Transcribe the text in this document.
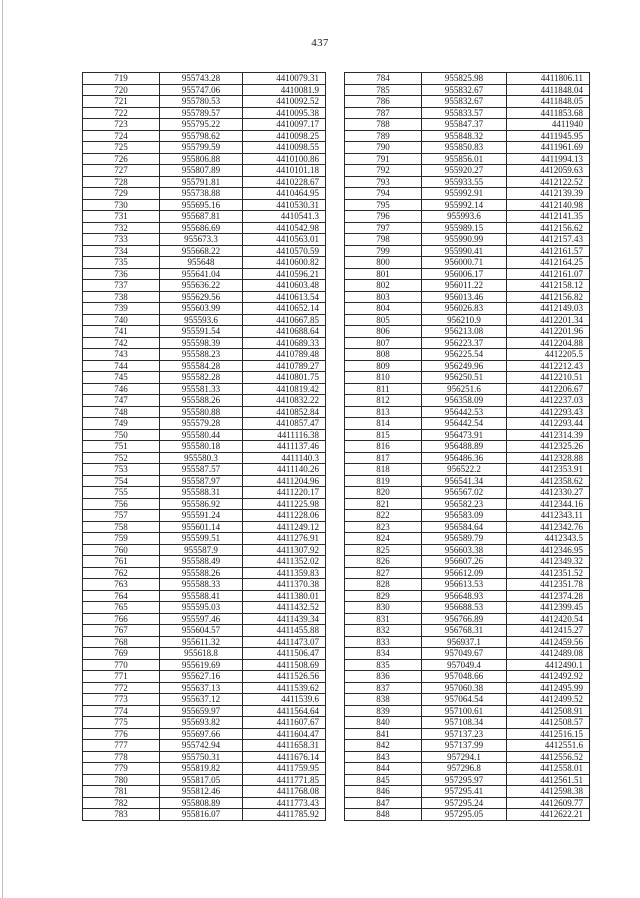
437
719	955743.28	4410079.31
720	955747.06	4410081.9
721	955780.53	4410092.52
722	955789.57	4410095.38
723	955795.22	4410097.17
724	955798.62	4410098.25
725	955799.59	4410098.55
726	955806.88	4410100.86
727	955807.89	4410101.18
728	955791.81	4410228.67
729	955738.88	4410464.95
730	955695.16	4410530.31
731	955687.81	4410541.3
732	955686.69	4410542.98
733	955673.3	4410563.01
734	955668.22	4410570.59
735	955648	4410600.82
736	955641.04	4410596.21
737	955636.22	4410603.48
738	955629.56	4410613.54
739	955603.99	4410652.14
740	955593.6	4410667.85
741	955591.54	4410688.64
742	955598.39	4410689.33
743	955588.23	4410789.48
744	955584.28	4410789.27
745	955582.28	4410801.75
746	955581.33	4410819.42
747	955588.26	4410832.22
748	955580.88	4410852.84
749	955579.28	4410857.47
750	955580.44	4411116.38
751	955580.18	4411137.46
752	955580.3	4411140.3
753	955587.57	4411140.26
754	955587.97	4411204.96
755	955588.31	4411220.17
756	955586.92	4411225.98
757	955591.24	4411228.06
758	955601.14	4411249.12
759	955599.51	4411276.91
760	955587.9	4411307.92
761	955588.49	4411352.02
762	955588.26	4411359.83
763	955588.33	4411370.38
764	955588.41	4411380.01
765	955595.03	4411432.52
766	955597.46	4411439.34
767	955604.57	4411455.88
768	955611.32	4411473.07
769	955618.8	4411506.47
770	955619.69	4411508.69
771	955627.16	4411526.56
772	955637.13	4411539.62
773	955637.12	4411539.6
774	955659.97	4411564.64
775	955693.82	4411607.67
776	955697.66	4411604.47
777	955742.94	4411658.31
778	955750.31	4411676.14
779	955819.82	4411759.95
780	955817.05	4411771.85
781	955812.46	4411768.08
782	955808.89	4411773.43
783	955816.07	4411785.92
784	955825.98	4411806.11
785	955832.67	4411848.04
786	955832.67	4411848.05
787	955833.57	4411853.68
788	955847.37	4411940
789	955848.32	4411945.95
790	955850.83	4411961.69
791	955856.01	4411994.13
792	955920.27	4412059.63
793	955933.55	4412122.52
794	955992.91	4412139.39
795	955992.14	4412140.98
796	955993.6	4412141.35
797	955989.15	4412156.62
798	955990.99	4412157.43
799	955990.41	4412161.57
800	956000.71	4412164.25
801	956006.17	4412161.07
802	956011.22	4412158.12
803	956013.46	4412156.82
804	956026.83	4412149.03
805	956210.9	4412201.34
806	956213.08	4412201.96
807	956223.37	4412204.88
808	956225.54	4412205.5
809	956249.96	4412212.43
810	956250.51	4412210.51
811	956251.6	4412206.67
812	956358.09	4412237.03
813	956442.53	4412293.43
814	956442.54	4412293.44
815	956473.91	4412314.39
816	956488.89	4412325.26
817	956486.36	4412328.88
818	956522.2	4412353.91
819	956541.34	4412358.62
820	956567.02	4412330.27
821	956582.23	4412344.16
822	956583.09	4412343.11
823	956584.64	4412342.76
824	956589.79	4412343.5
825	956603.38	4412346.95
826	956607.26	4412349.32
827	956612.09	4412351.52
828	956613.53	4412351.78
829	956648.93	4412374.28
830	956688.53	4412399.45
831	956766.89	4412420.54
832	956768.31	4412415.27
833	956937.1	4412459.56
834	957049.67	4412489.08
835	957049.4	4412490.1
836	957048.66	4412492.92
837	957060.38	4412495.99
838	957064.54	4412499.52
839	957100.61	4412508.91
840	957108.34	4412508.57
841	957137.23	4412516.15
842	957137.99	4412551.6
843	957294.1	4412556.52
844	957296.8	4412558.01
845	957295.97	4412561.51
846	957295.41	4412598.38
847	957295.24	4412609.77
848	957295.05	4412622.21
